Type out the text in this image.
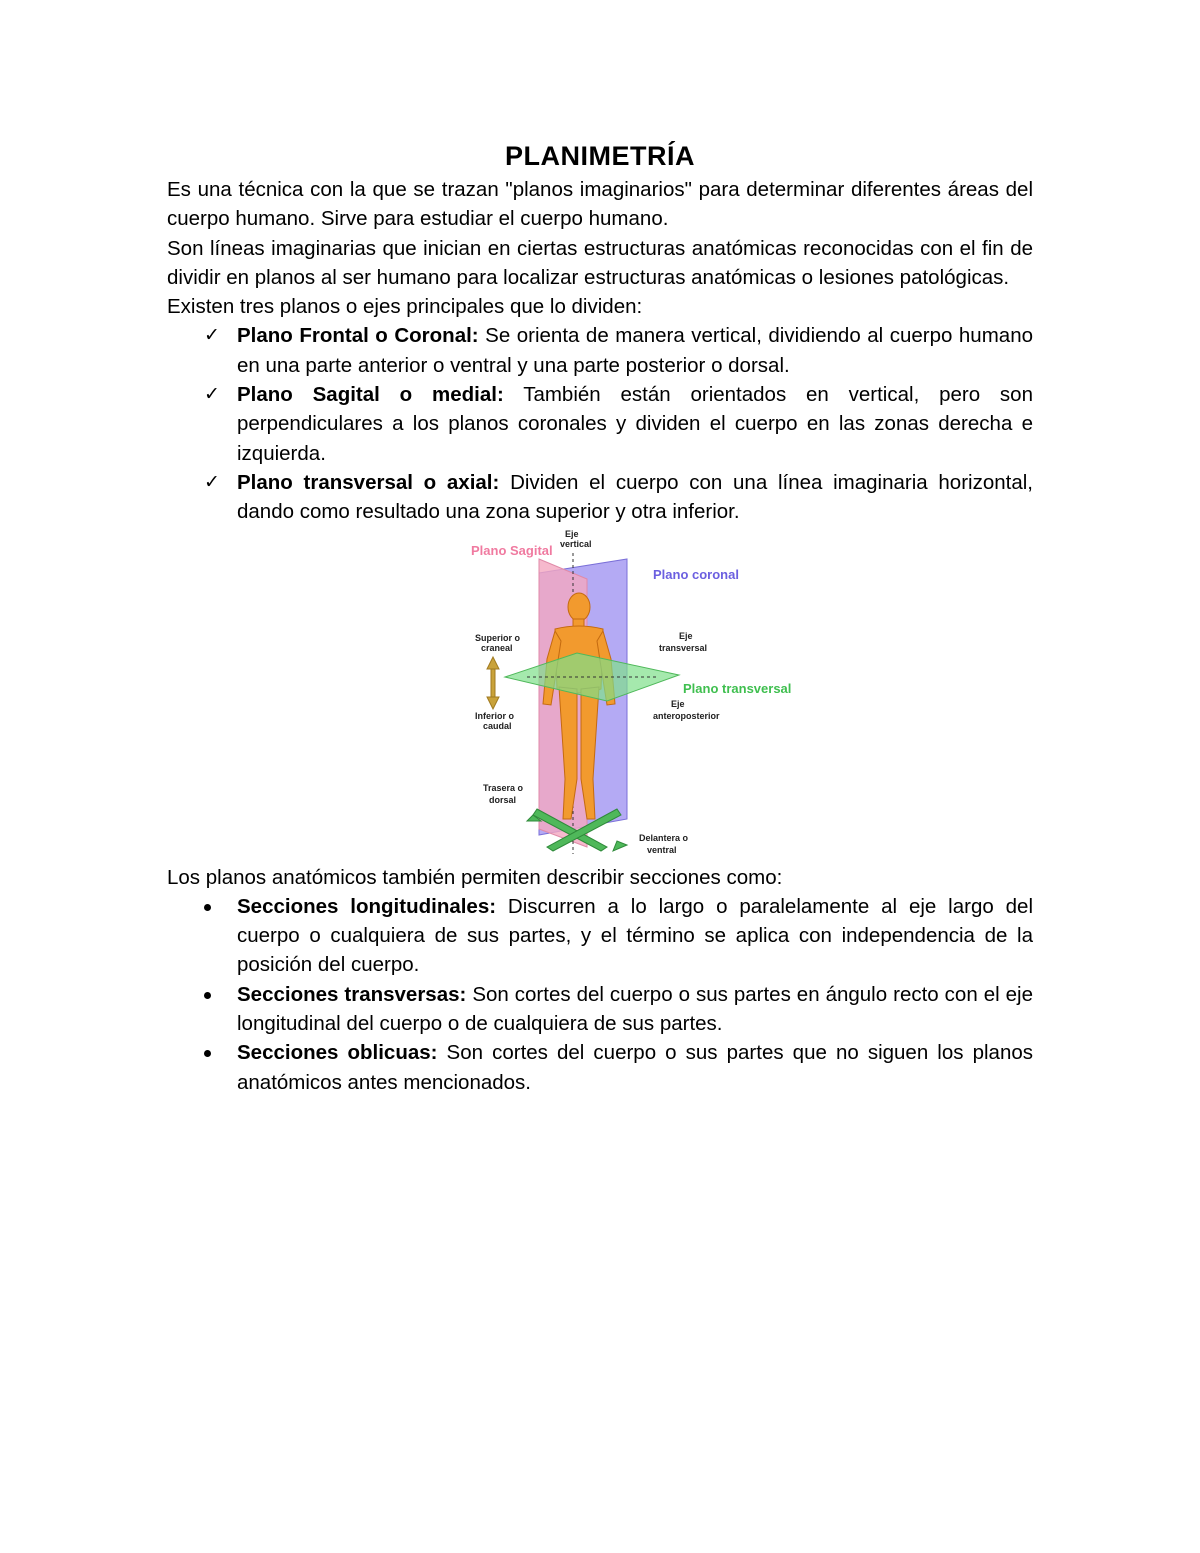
PLANIMETRÍA

Es una técnica con la que se trazan "planos imaginarios" para determinar diferentes áreas del cuerpo humano. Sirve para estudiar el cuerpo humano.

Son líneas imaginarias que inician en ciertas estructuras anatómicas reconocidas con el fin de dividir en planos al ser humano para localizar estructuras anatómicas o lesiones patológicas.

Existen tres planos o ejes principales que lo dividen:

✓ Plano Frontal o Coronal: Se orienta de manera vertical, dividiendo al cuerpo humano en una parte anterior o ventral y una parte posterior o dorsal.
✓ Plano Sagital o medial: También están orientados en vertical, pero son perpendiculares a los planos coronales y dividen el cuerpo en las zonas derecha e izquierda.
✓ Plano transversal o axial: Dividen el cuerpo con una línea imaginaria horizontal, dando como resultado una zona superior y otra inferior.
Plano Sagital
Eje
vertical
Plano coronal
Superior o
craneal
Eje
transversal
Plano transversal
Inferior o
caudal
Eje
anteroposterior
Trasera o
dorsal
Delantera o
ventral

Los planos anatómicos también permiten describir secciones como:

Secciones longitudinales: Discurren a lo largo o paralelamente al eje largo del cuerpo o cualquiera de sus partes, y el término se aplica con independencia de la posición del cuerpo.
Secciones transversas: Son cortes del cuerpo o sus partes en ángulo recto con el eje longitudinal del cuerpo o de cualquiera de sus partes.
Secciones oblicuas: Son cortes del cuerpo o sus partes que no siguen los planos anatómicos antes mencionados.
